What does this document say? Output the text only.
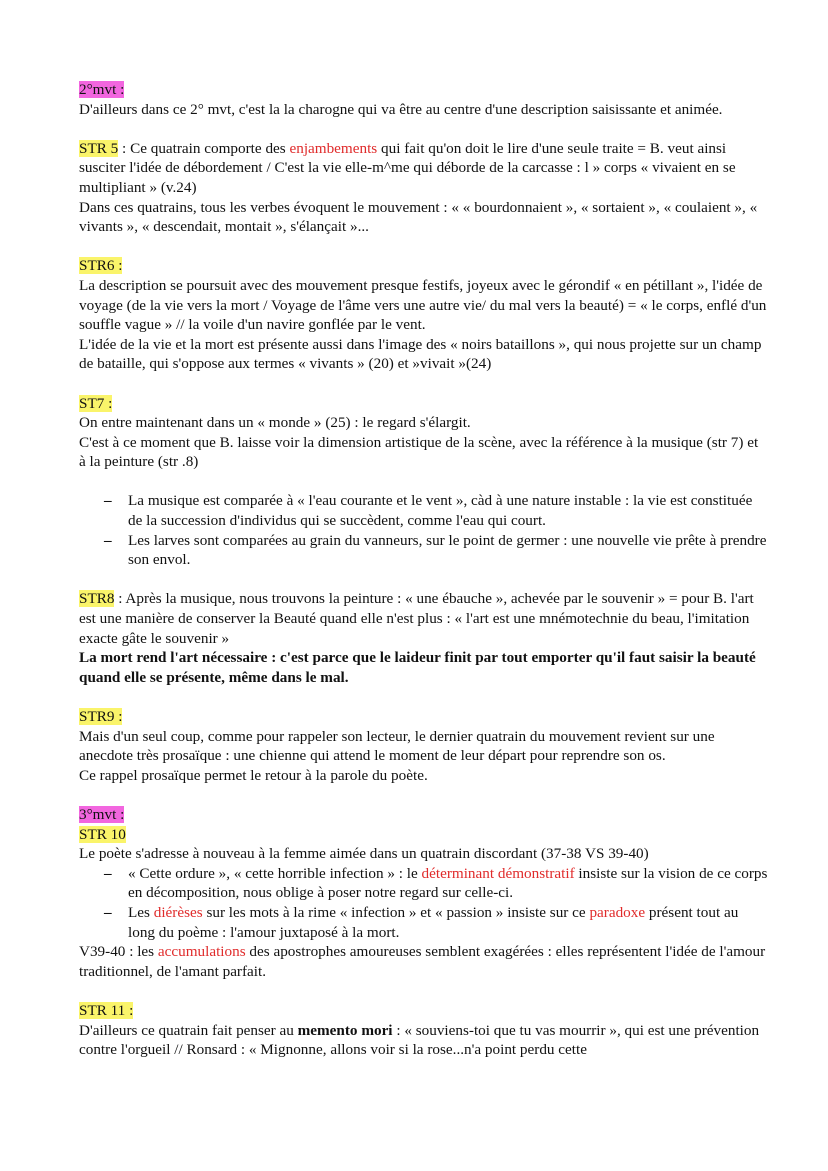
2°mvt :

D'ailleurs dans ce 2° mvt, c'est la la charogne qui va être au centre d'une description saisissante et animée.

STR 5 : Ce quatrain comporte des enjambements qui fait qu'on doit le lire d'une seule traite = B. veut ainsi susciter l'idée de débordement / C'est la vie elle-m^me qui déborde de la carcasse : l » corps « vivaient en se multipliant » (v.24)

Dans ces quatrains, tous les verbes évoquent le mouvement : « « bourdonnaient », « sortaient », « coulaient », « vivants », « descendait, montait », s'élançait »...

STR6 :

La description se poursuit avec des mouvement presque festifs, joyeux avec le gérondif « en pétillant », l'idée de voyage (de la vie vers la mort / Voyage de l'âme vers une autre vie/ du mal vers la beauté) = « le corps, enflé d'un souffle vague » // la voile d'un navire gonflée par le vent.

L'idée de la vie et la mort est présente aussi dans l'image des « noirs bataillons », qui nous projette sur un champ de bataille, qui s'oppose aux termes « vivants » (20) et »vivait »(24)

ST7 :

On entre maintenant dans un « monde » (25) : le regard s'élargit.

C'est à ce moment que B. laisse voir la dimension artistique de la scène, avec la référence à la musique (str 7) et à la peinture (str .8)

– La musique est comparée à « l'eau courante et le vent », càd à une nature instable : la vie est constituée de la succession d'individus qui se succèdent, comme l'eau qui court.
– Les larves sont comparées au grain du vanneurs, sur le point de germer : une nouvelle vie prête à prendre son envol.

STR8 : Après la musique, nous trouvons la peinture : « une ébauche », achevée par le souvenir » = pour B. l'art est une manière de conserver la Beauté quand elle n'est plus : « l'art est une mnémotechnie du beau, l'imitation exacte gâte le souvenir »

La mort rend l'art nécessaire : c'est parce que le laideur finit par tout emporter qu'il faut saisir la beauté quand elle se présente, même dans le mal.

STR9 :

Mais d'un seul coup, comme pour rappeler son lecteur, le dernier quatrain du mouvement revient sur une anecdote très prosaïque : une chienne qui attend le moment de leur départ pour reprendre son os.

Ce rappel prosaïque permet le retour à la parole du poète.

3°mvt :

STR 10

Le poète s'adresse à nouveau à la femme aimée dans un quatrain discordant (37-38 VS 39-40)

– « Cette ordure », « cette horrible infection » : le déterminant démonstratif insiste sur la vision de ce corps en décomposition, nous oblige à poser notre regard sur celle-ci.
– Les diérèses sur les mots à la rime « infection » et « passion » insiste sur ce paradoxe présent tout au long du poème : l'amour juxtaposé à la mort.

V39-40 : les accumulations des apostrophes amoureuses semblent exagérées : elles représentent l'idée de l'amour traditionnel, de l'amant parfait.

STR 11 :

D'ailleurs ce quatrain fait penser au memento mori : « souviens-toi que tu vas mourrir », qui est une prévention contre l'orgueil // Ronsard : « Mignonne, allons voir si la rose...n'a point perdu cette
